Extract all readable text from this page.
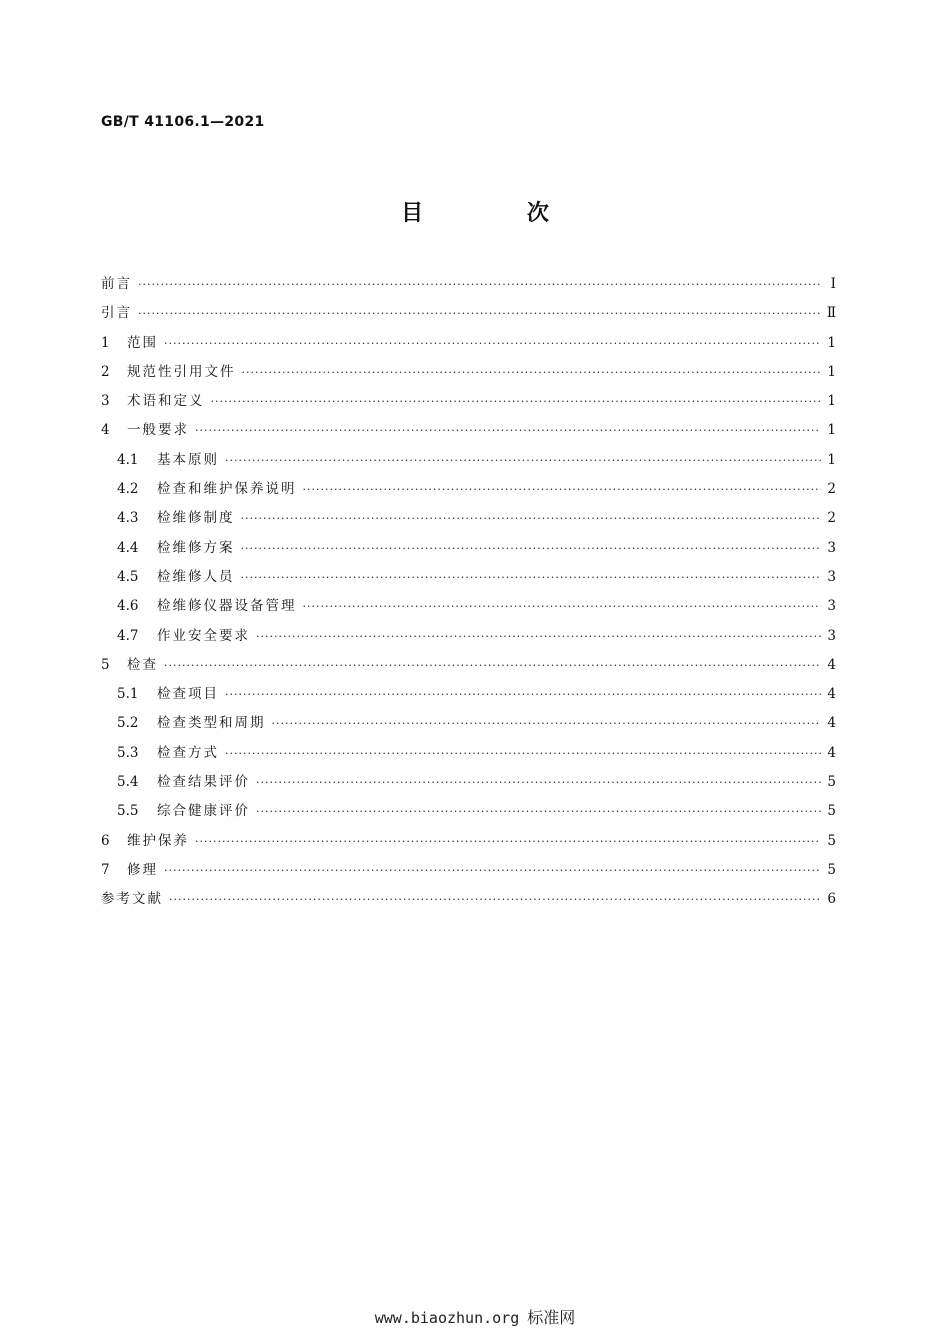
GB/T 41106.1—2021
目 次
前言 ·····	Ⅰ
引言 ·····	Ⅱ
1	范围 ·····	1
2	规范性引用文件 ·····	1
3	术语和定义 ·····	1
4	一般要求 ·····	1
4.1	基本原则 ·····	1
4.2	检查和维护保养说明 ·····	2
4.3	检维修制度 ·····	2
4.4	检维修方案 ·····	3
4.5	检维修人员 ·····	3
4.6	检维修仪器设备管理 ·····	3
4.7	作业安全要求 ·····	3
5	检查 ·····	4
5.1	检查项目 ·····	4
5.2	检查类型和周期 ·····	4
5.3	检查方式 ·····	4
5.4	检查结果评价 ·····	5
5.5	综合健康评价 ·····	5
6	维护保养 ·····	5
7	修理 ·····	5
参考文献 ·····	6
www.biaozhun.org 标准网
